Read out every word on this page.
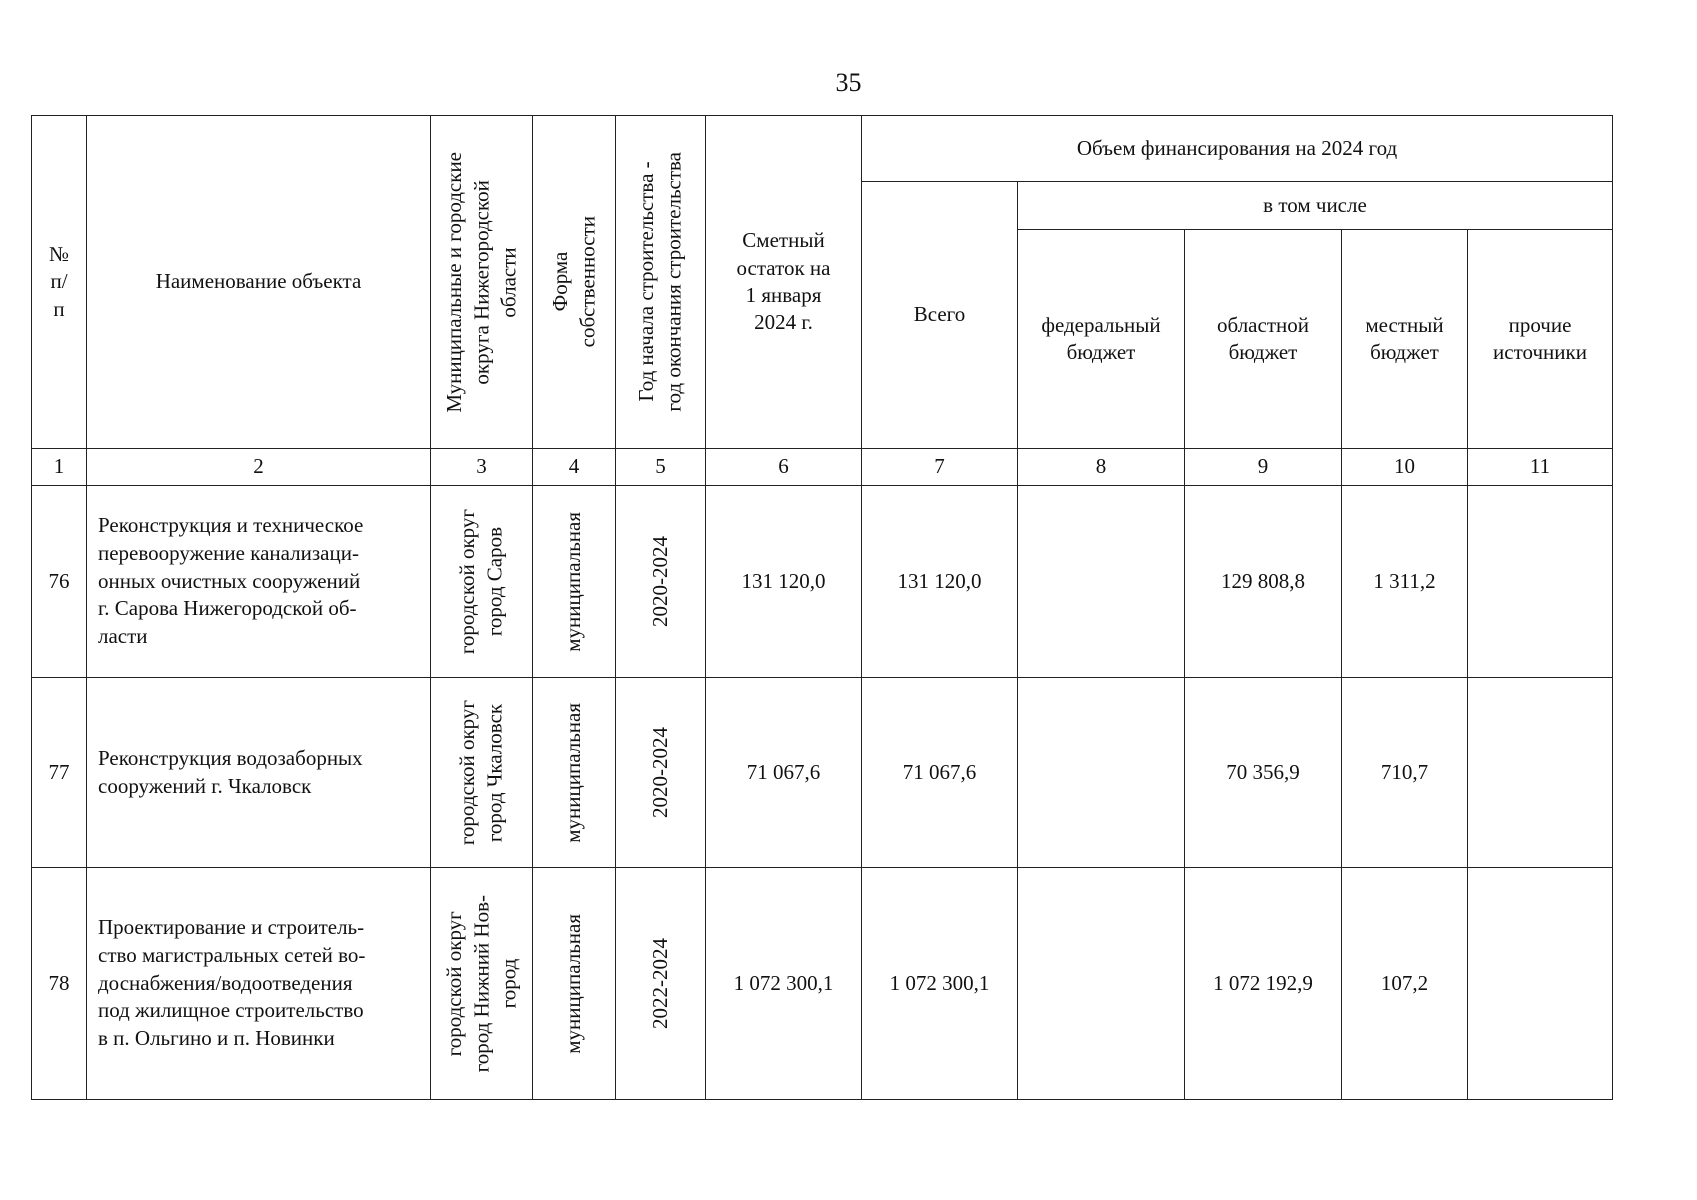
35
№
п/
п	Наименование объекта	Муниципальные и городские округа Нижегородской области	Форма собственности	Год начала строительства - год окончания строительства	Сметный
остаток на
1 января
2024 г.	Объем финансирования на 2024 год				
						Всего	в том числе			

							федеральный
бюджет	областной
бюджет	местный
бюджет	прочие
источники

1	2	3	4	5	6	7	8	9	10	11
76	Реконструкция и техническое
перевооружение канализаци-
онных очистных сооружений
г. Сарова Нижегородской об-
ласти	городской округ город Саров	муниципальная	2020-2024	131 120,0	131 120,0		129 808,8	1 311,2	
77	Реконструкция водозаборных
сооружений г. Чкаловск	городской округ город Чкаловск	муниципальная	2020-2024	71 067,6	71 067,6		70 356,9	710,7	
78	Проектирование и строитель-
ство магистральных сетей во-
доснабжения/водоотведения
под жилищное строительство
в п. Ольгино и п. Новинки	городской округ город Нижний Нов- город	муниципальная	2022-2024	1 072 300,1	1 072 300,1		1 072 192,9	107,2	
